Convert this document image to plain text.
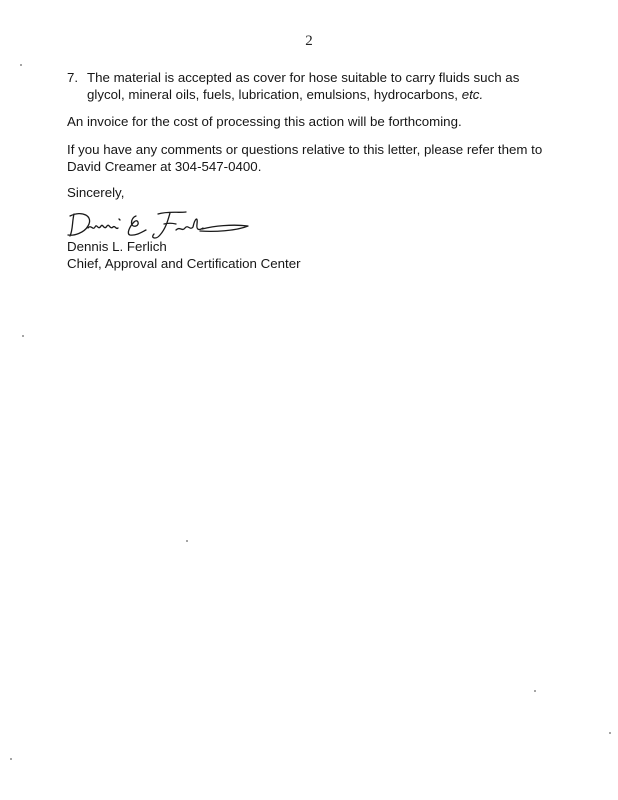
2
7. The material is accepted as cover for hose suitable to carry fluids such as glycol, mineral oils, fuels, lubrication, emulsions, hydrocarbons, etc.
An invoice for the cost of processing this action will be forthcoming.
If you have any comments or questions relative to this letter, please refer them to David Creamer at 304-547-0400.
Sincerely,
Dennis L. Ferlich
Chief, Approval and Certification Center
